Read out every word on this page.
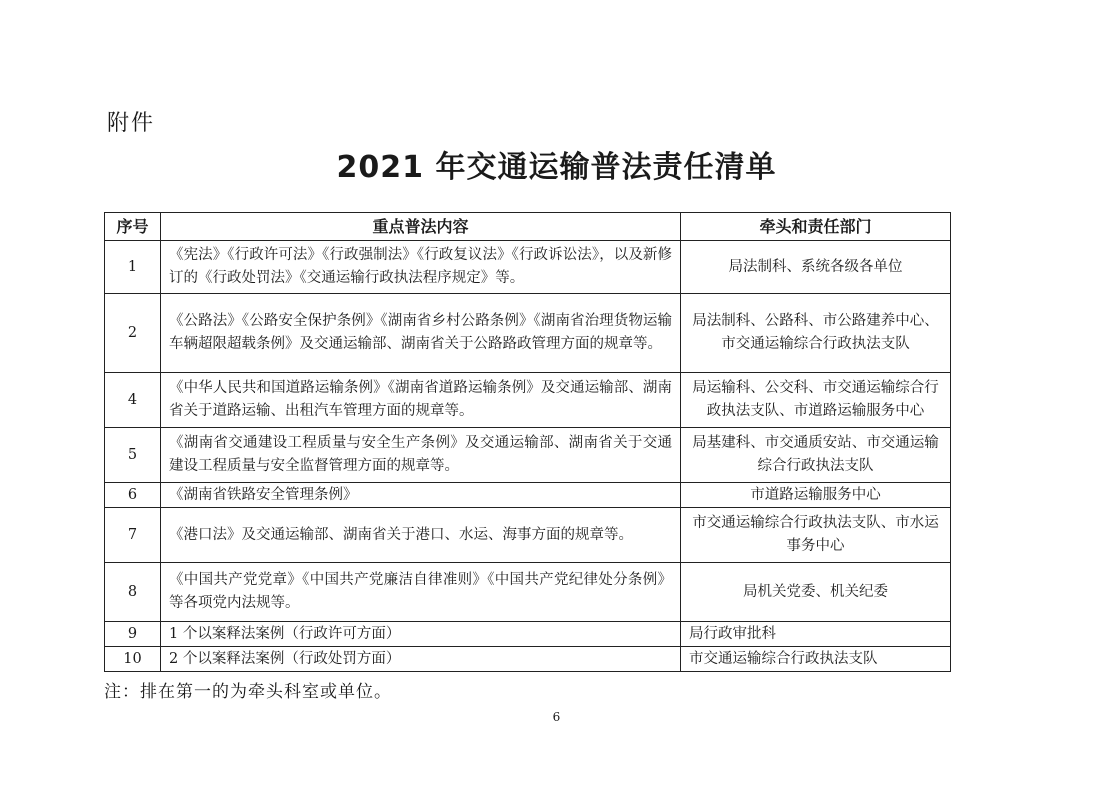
附件
2021 年交通运输普法责任清单
序号	重点普法内容	牵头和责任部门
1	《宪法》《行政许可法》《行政强制法》《行政复议法》《行政诉讼法》，以及新修订的《行政处罚法》《交通运输行政执法程序规定》等。	局法制科、系统各级各单位
2	《公路法》《公路安全保护条例》《湖南省乡村公路条例》《湖南省治理货物运输车辆超限超载条例》及交通运输部、湖南省关于公路路政管理方面的规章等。	局法制科、公路科、市公路建养中心、市交通运输综合行政执法支队
4	《中华人民共和国道路运输条例》《湖南省道路运输条例》及交通运输部、湖南省关于道路运输、出租汽车管理方面的规章等。	局运输科、公交科、市交通运输综合行政执法支队、市道路运输服务中心
5	《湖南省交通建设工程质量与安全生产条例》及交通运输部、湖南省关于交通建设工程质量与安全监督管理方面的规章等。	局基建科、市交通质安站、市交通运输综合行政执法支队
6	《湖南省铁路安全管理条例》	市道路运输服务中心
7	《港口法》及交通运输部、湖南省关于港口、水运、海事方面的规章等。	市交通运输综合行政执法支队、市水运事务中心
8	《中国共产党党章》《中国共产党廉洁自律准则》《中国共产党纪律处分条例》等各项党内法规等。	局机关党委、机关纪委
9	1 个以案释法案例（行政许可方面）	局行政审批科
10	2 个以案释法案例（行政处罚方面）	市交通运输综合行政执法支队
注：排在第一的为牵头科室或单位。
6
